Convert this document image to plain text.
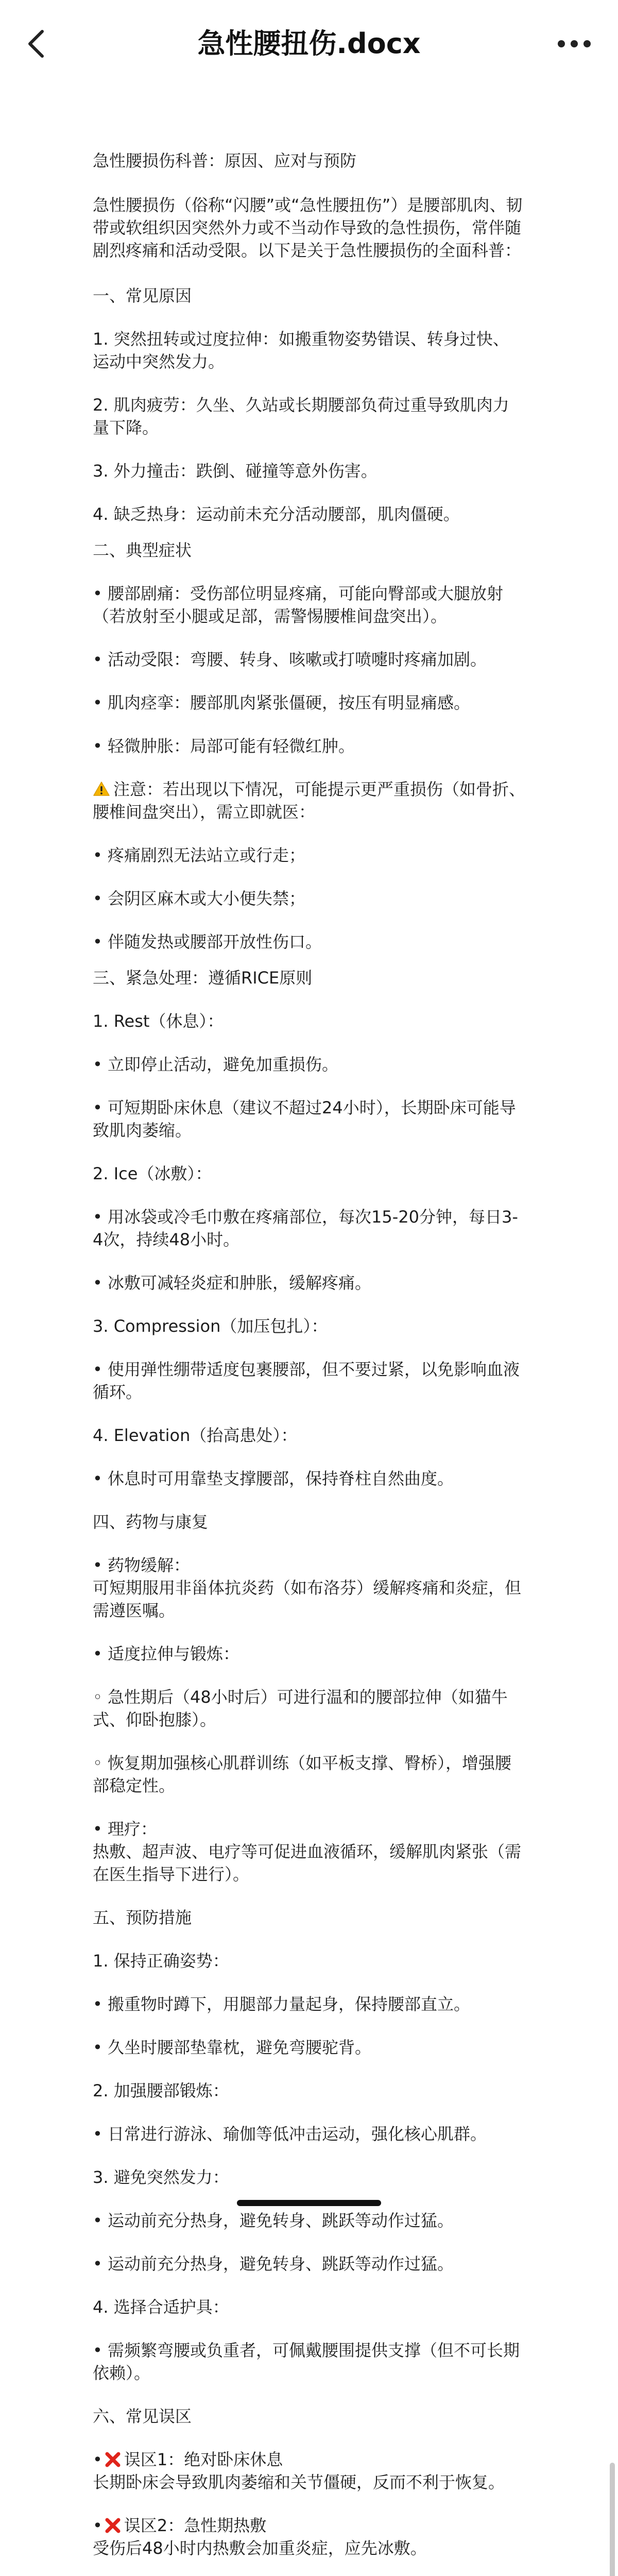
急性腰扭伤.docx

急性腰损伤科普：原因、应对与预防

急性腰损伤（俗称“闪腰”或“急性腰扭伤”）是腰部肌肉、韧带或软组织因突然外力或不当动作导致的急性损伤，常伴随剧烈疼痛和活动受限。以下是关于急性腰损伤的全面科普：

一、常见原因

1. 突然扭转或过度拉伸：如搬重物姿势错误、转身过快、运动中突然发力。

2. 肌肉疲劳：久坐、久站或长期腰部负荷过重导致肌肉力量下降。

3. 外力撞击：跌倒、碰撞等意外伤害。

4. 缺乏热身：运动前未充分活动腰部，肌肉僵硬。

二、典型症状

• 腰部剧痛：受伤部位明显疼痛，可能向臀部或大腿放射（若放射至小腿或足部，需警惕腰椎间盘突出）。

• 活动受限：弯腰、转身、咳嗽或打喷嚏时疼痛加剧。

• 肌肉痉挛：腰部肌肉紧张僵硬，按压有明显痛感。

• 轻微肿胀：局部可能有轻微红肿。

注意：若出现以下情况，可能提示更严重损伤（如骨折、腰椎间盘突出），需立即就医：

• 疼痛剧烈无法站立或行走；

• 会阴区麻木或大小便失禁；

• 伴随发热或腰部开放性伤口。

三、紧急处理：遵循RICE原则

1. Rest（休息）：

• 立即停止活动，避免加重损伤。

• 可短期卧床休息（建议不超过24小时），长期卧床可能导致肌肉萎缩。

2. Ice（冰敷）：

• 用冰袋或冷毛巾敷在疼痛部位，每次15-20分钟，每日3-4次，持续48小时。

• 冰敷可减轻炎症和肿胀，缓解疼痛。

3. Compression（加压包扎）：

• 使用弹性绷带适度包裹腰部，但不要过紧，以免影响血液循环。

4. Elevation（抬高患处）：

• 休息时可用靠垫支撑腰部，保持脊柱自然曲度。

四、药物与康复

• 药物缓解：

可短期服用非甾体抗炎药（如布洛芬）缓解疼痛和炎症，但需遵医嘱。

• 适度拉伸与锻炼：

◦ 急性期后（48小时后）可进行温和的腰部拉伸（如猫牛式、仰卧抱膝）。

◦ 恢复期加强核心肌群训练（如平板支撑、臀桥），增强腰部稳定性。

• 理疗：

热敷、超声波、电疗等可促进血液循环，缓解肌肉紧张（需在医生指导下进行）。

五、预防措施

1. 保持正确姿势：

• 搬重物时蹲下，用腿部力量起身，保持腰部直立。

• 久坐时腰部垫靠枕，避免弯腰驼背。

2. 加强腰部锻炼：

• 日常进行游泳、瑜伽等低冲击运动，强化核心肌群。

3. 避免突然发力：

• 运动前充分热身，避免转身、跳跃等动作过猛。

• 运动前充分热身，避免转身、跳跃等动作过猛。

4. 选择合适护具：

• 需频繁弯腰或负重者，可佩戴腰围提供支撑（但不可长期依赖）。

六、常见误区

• 误区1：绝对卧床休息

长期卧床会导致肌肉萎缩和关节僵硬，反而不利于恢复。

• 误区2：急性期热敷

受伤后48小时内热敷会加重炎症，应先冰敷。
